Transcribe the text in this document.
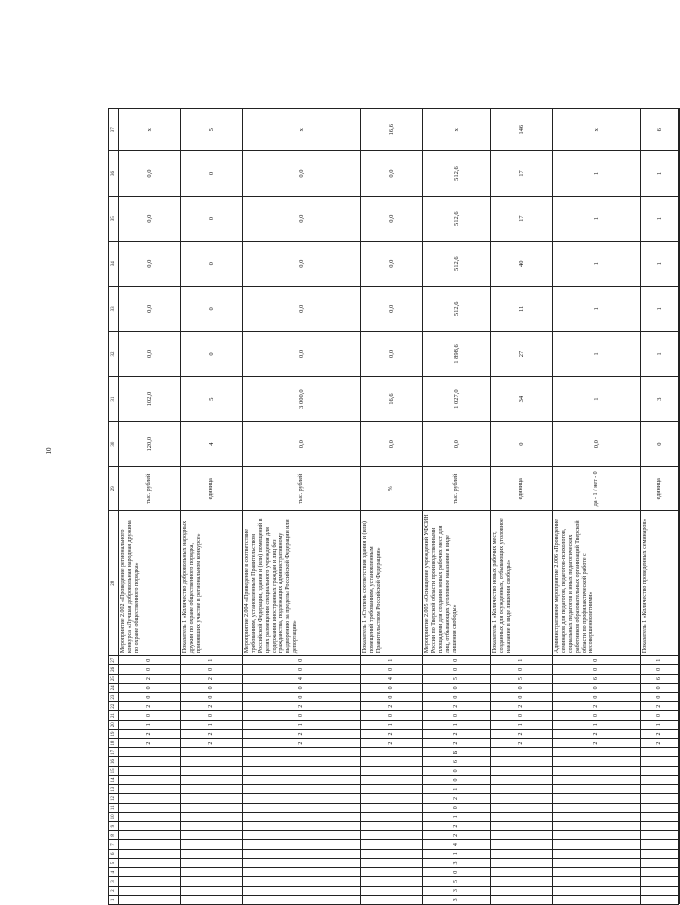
10
1	2	3	4	5	6	7	8	9	10	11	12	13	14	15	16	17	18	19	20	21	22	23	24	25	26	27	28	29	30	31	32	33	34	35	36	37
																	2	2	1	0	2	0	0	2	0	0	Мероприятие 2.002 «Проведение регионального конкурса «Лучшая добровольная народная дружина по охране общественного порядка»	тыс. рублей	120,0	102,0	0,0	0,0	0,0	0,0	0,0	х
																	2	2	1	0	2	0	0	2	0	1	Показатель 1 «Количество добровольных народных дружин по охране общественного порядка, принявших участие в региональном конкурсе»	единица	4	5	0	0	0	0	0	5
																	2	2	1	0	2	0	0	4	0	0	Мероприятие 2.004 «Приведение в соответствие требованиям, установленным Правительством Российской Федерации, здания и (или) помещений в целях размещения специального учреждения для содержания иностранных граждан и лиц без гражданства, подлежащих административному выдворению за пределы Российской Федерации или депортации»	тыс. рублей	0,0	3 000,0	0,0	0,0	0,0	0,0	0,0	х
																	2	2	1	0	2	0	0	4	0	1	Показатель 1 «Степень соответствия здания и (или) помещений требованиям, установленным Правительством Российской Федерации»	%	0,0	16,6	0,0	0,0	0,0	0,0	0,0	16,6
3	3	5	0	3	1	4	2	2	1	0	2	1	0	0	6	Б	2	2	1	0	2	0	0	5	0	0	Мероприятие 2.005 «Оснащение учреждений УФСИН России по Тверской области производственными площадями для создания новых рабочих мест для лиц, отбывающих уголовное наказание в виде лишения свободы»	тыс. рублей	0,0	1 027,0	1 898,6	512,6	512,6	512,6	512,6	х
																	2	2	1	0	2	0	0	5	0	1	Показатель 1 «Количество новых рабочих мест, созданных для осужденных, отбывающих уголовное наказание в виде лишения свободы»	единица	0	34	27	11	40	17	17	146
																	2	2	1	0	2	0	0	6	0	0	Административное мероприятие 2.006 «Проведение семинаров для педагогов, педагогов-психологов, социальных педагогов и иных педагогических работников образовательных организаций Тверской области по профилактической работе с несовершеннолетними»	да - 1 / нет - 0	0,0	1	1	1	1	1	1	х
																	2	2	1	0	2	0	0	6	0	1	Показатель 1 «Количество проведенных семинаров»	единица	0	3	1	1	1	1	1	6
